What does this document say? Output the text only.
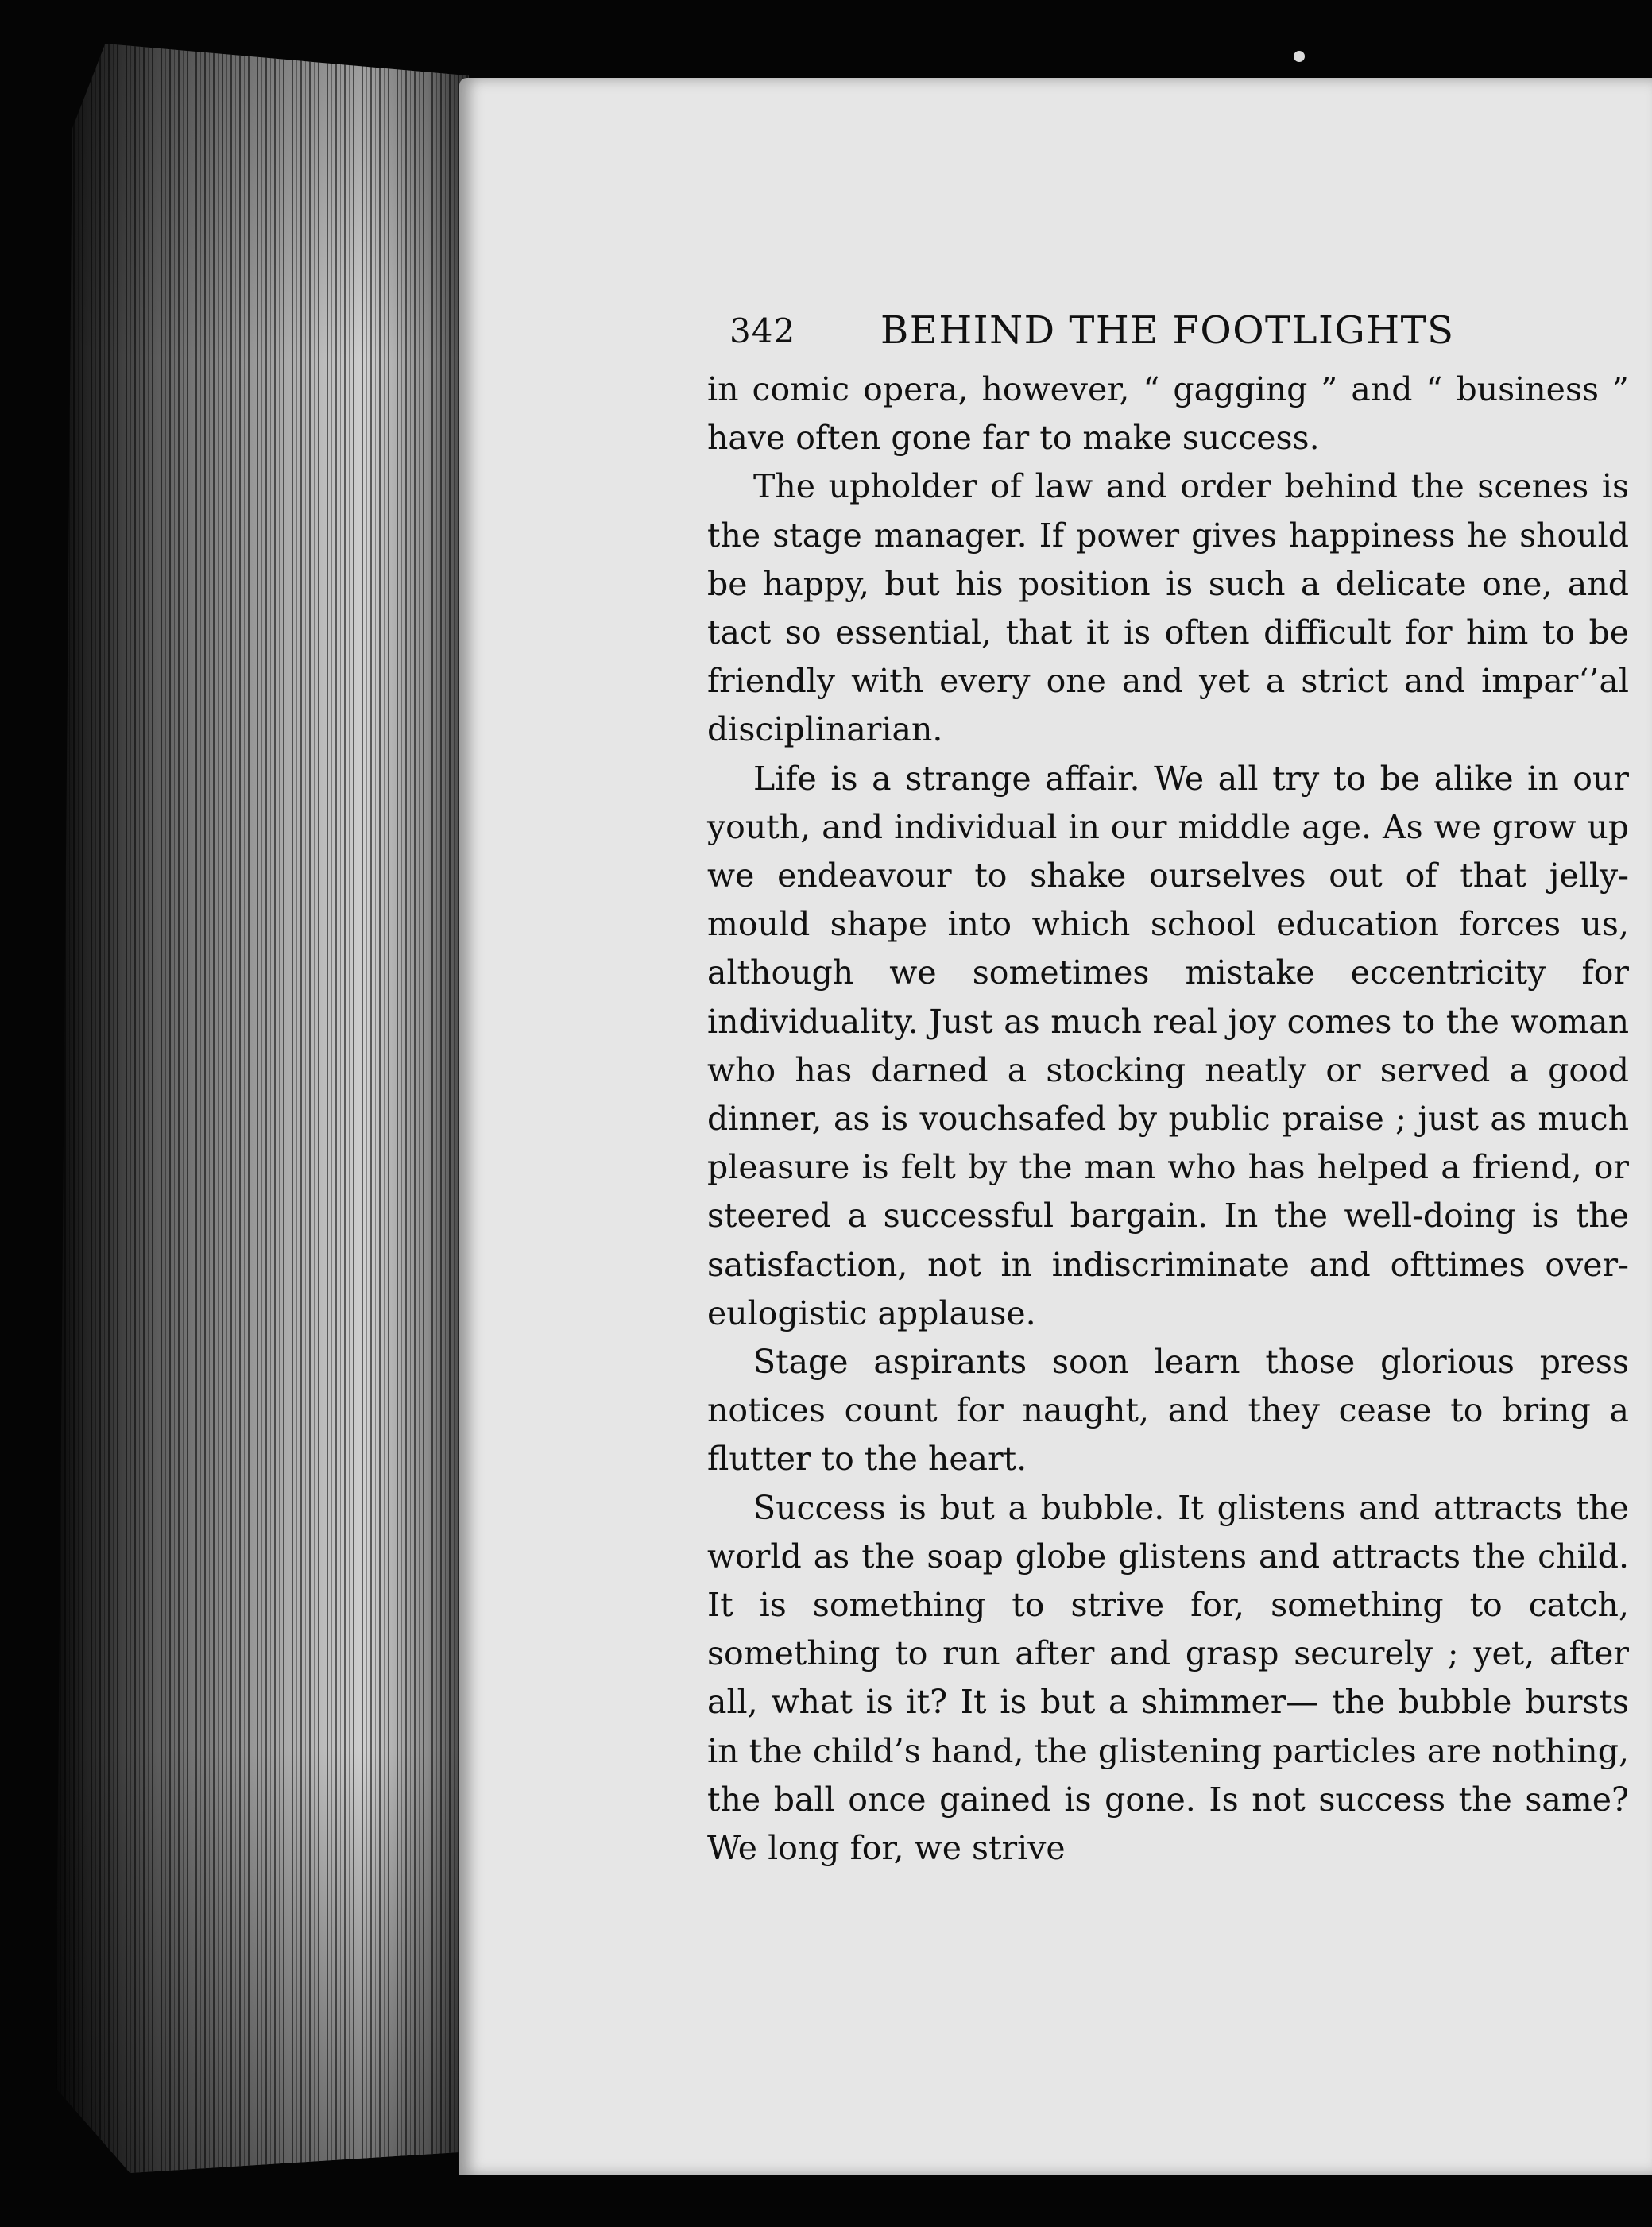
342 BEHIND THE FOOTLIGHTS

in comic opera, however, “ gagging ” and “ business ” have often gone far to make success.

The upholder of law and order behind the scenes is the stage manager. If power gives happiness he should be happy, but his position is such a delicate one, and tact so essential, that it is often difficult for him to be friendly with every one and yet a strict and impar‘’al disciplinarian.

Life is a strange affair. We all try to be alike in our youth, and individual in our middle age. As we grow up we endeavour to shake ourselves out of that jelly-mould shape into which school education forces us, although we sometimes mistake eccentricity for individuality. Just as much real joy comes to the woman who has darned a stocking neatly or served a good dinner, as is vouchsafed by public praise ; just as much pleasure is felt by the man who has helped a friend, or steered a successful bargain. In the well-doing is the satisfaction, not in indiscriminate and ofttimes over-eulogistic applause.

Stage aspirants soon learn those glorious press notices count for naught, and they cease to bring a flutter to the heart.

Success is but a bubble. It glistens and attracts the world as the soap globe glistens and attracts the child. It is something to strive for, something to catch, something to run after and grasp securely ; yet, after all, what is it? It is but a shimmer— the bubble bursts in the child’s hand, the glistening particles are nothing, the ball once gained is gone. Is not success the same? We long for, we strive
